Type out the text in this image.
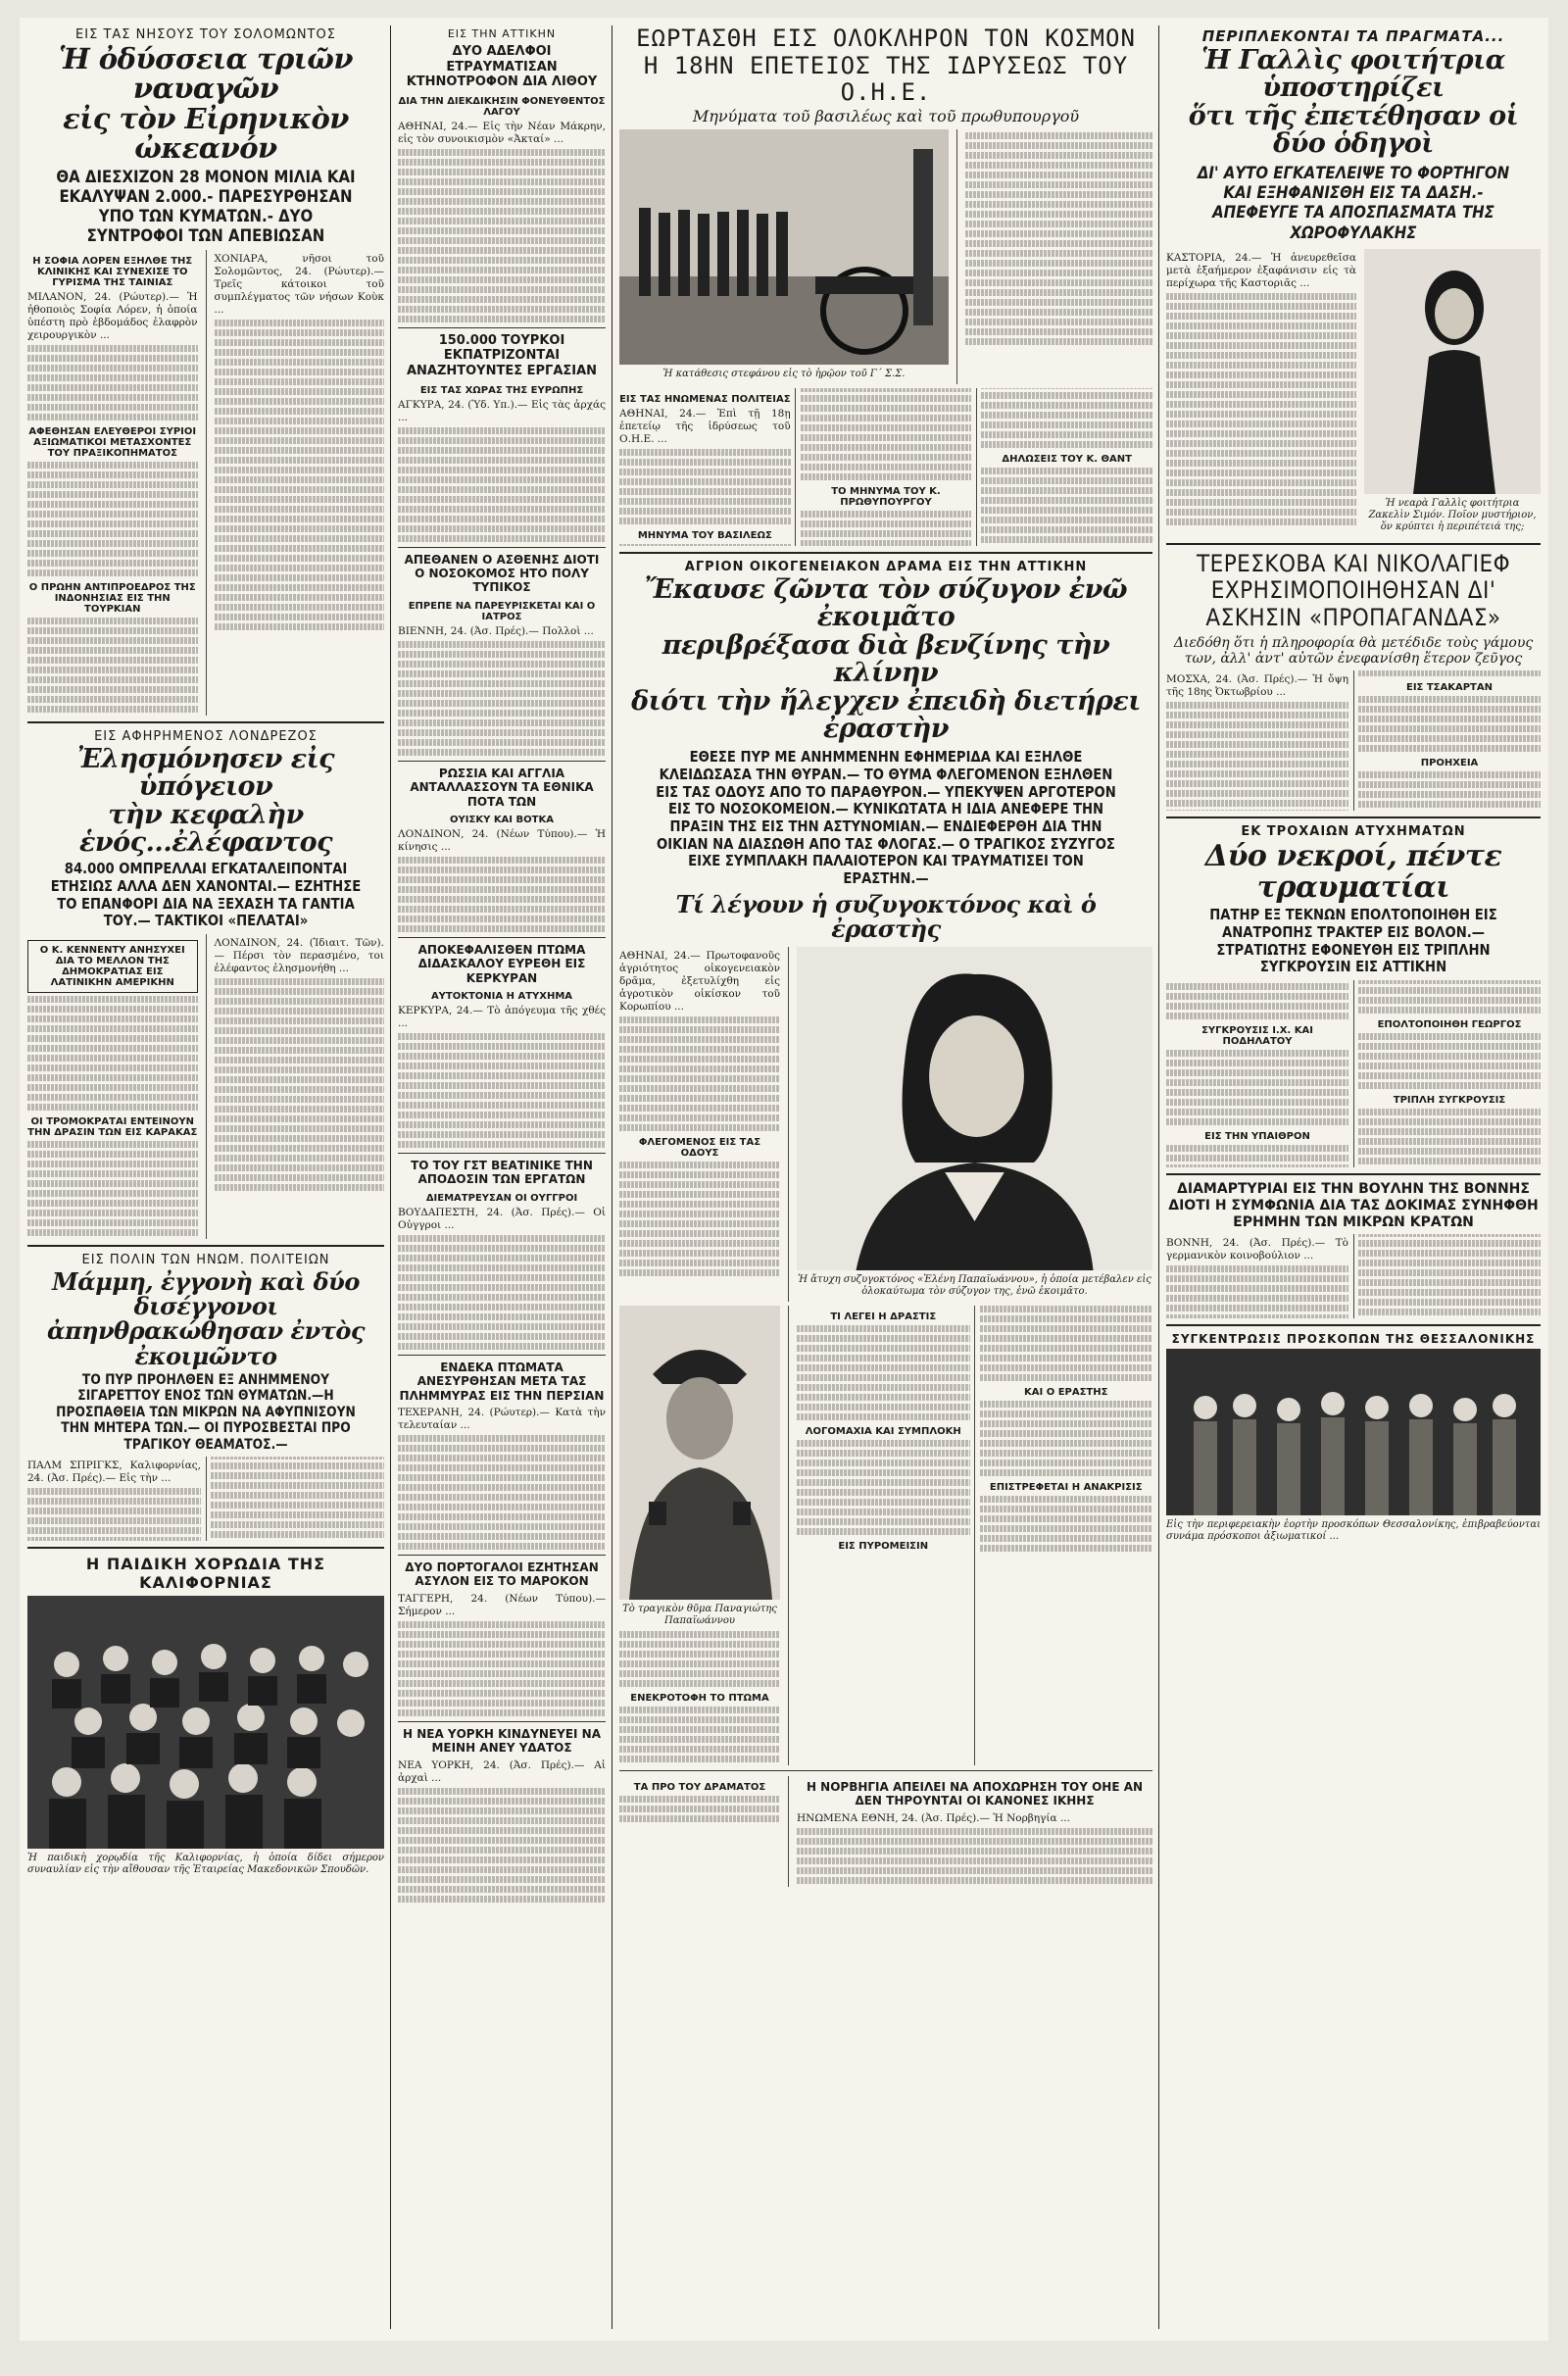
ΕΙΣ ΤΑΣ ΝΗΣΟΥΣ ΤΟΥ ΣΟΛΟΜΩΝΤΟΣ
Ἡ ὀδύσσεια τριῶν ναυαγῶν
εἰς τὸν Εἰρηνικὸν ὠκεανόν
ΘΑ ΔΙΕΣΧΙΖΟΝ 28 ΜΟΝΟΝ ΜΙΛΙΑ ΚΑΙ ΕΚΑΛΥΨΑΝ 2.000.- ΠΑΡΕΣΥΡΘΗΣΑΝ ΥΠΟ ΤΩΝ ΚΥΜΑΤΩΝ.- ΔΥΟ ΣΥΝΤΡΟΦΟΙ ΤΩΝ ΑΠΕΒΙΩΣΑΝ
Η ΣΟΦΙΑ ΛΟΡΕΝ ΕΞΗΛΘΕ ΤΗΣ ΚΛΙΝΙΚΗΣ ΚΑΙ ΣΥΝΕΧΙΣΕ ΤΟ ΓΥΡΙΣΜΑ ΤΗΣ ΤΑΙΝΙΑΣ
ΜΙΛΑΝΟΝ, 24. (Ρώυτερ).— Ἡ ἠθοποιὸς Σοφία Λόρεν, ἡ ὁποία ὑπέστη πρὸ ἑβδομάδος ἐλαφρὸν χειρουργικὸν ...
ΑΦΕΘΗΣΑΝ ΕΛΕΥΘΕΡΟΙ ΣΥΡΙΟΙ ΑΞΙΩΜΑΤΙΚΟΙ ΜΕΤΑΣΧΟΝΤΕΣ ΤΟΥ ΠΡΑΞΙΚΟΠΗΜΑΤΟΣ
Ο ΠΡΩΗΝ ΑΝΤΙΠΡΟΕΔΡΟΣ ΤΗΣ ΙΝΔΟΝΗΣΙΑΣ ΕΙΣ ΤΗΝ ΤΟΥΡΚΙΑΝ
ΧΟΝΙΑΡΑ, νῆσοι τοῦ Σολομῶντος, 24. (Ρώυτερ).— Τρεῖς κάτοικοι τοῦ συμπλέγματος τῶν νήσων Κοὺκ ...
ΕΙΣ ΑΦΗΡΗΜΕΝΟΣ ΛΟΝΔΡΕΖΟΣ
Ἐλησμόνησεν εἰς ὑπόγειον
τὴν κεφαλὴν ἑνός...ἐλέφαντος
84.000 ΟΜΠΡΕΛΛΑΙ ΕΓΚΑΤΑΛΕΙΠΟΝΤΑΙ ΕΤΗΣΙΩΣ ΑΛΛΑ ΔΕΝ ΧΑΝΟΝΤΑΙ.— ΕΖΗΤΗΣΕ ΤΟ ΕΠΑΝΦΟΡΙ ΔΙΑ ΝΑ ΞΕΧΑΣΗ ΤΑ ΓΑΝΤΙΑ ΤΟΥ.— ΤΑΚΤΙΚΟΙ «ΠΕΛΑΤΑΙ»
Ο Κ. ΚΕΝΝΕΝΤΥ ΑΝΗΣΥΧΕΙ ΔΙΑ ΤΟ ΜΕΛΛΟΝ ΤΗΣ ΔΗΜΟΚΡΑΤΙΑΣ ΕΙΣ ΛΑΤΙΝΙΚΗΝ ΑΜΕΡΙΚΗΝ
ΟΙ ΤΡΟΜΟΚΡΑΤΑΙ ΕΝΤΕΙΝΟΥΝ ΤΗΝ ΔΡΑΣΙΝ ΤΩΝ ΕΙΣ ΚΑΡΑΚΑΣ
ΛΟΝΔΙΝΟΝ, 24. (Ἰδιαιτ. Τῶν). — Πέρσι τὸν περασμένο, τοι ἐλέφαντος ἐλησμονήθη ...
ΕΙΣ ΠΟΛΙΝ ΤΩΝ ΗΝΩΜ. ΠΟΛΙΤΕΙΩΝ
Μάμμη, ἐγγονὴ καὶ δύο δισέγγονοι
ἀπηνθρακώθησαν ἐντὸς ἐκοιμῶντο
ΤΟ ΠΥΡ ΠΡΟΗΛΘΕΝ ΕΞ ΑΝΗΜΜΕΝΟΥ ΣΙΓΑΡΕΤΤΟΥ ΕΝΟΣ ΤΩΝ ΘΥΜΑΤΩΝ.—Η ΠΡΟΣΠΑΘΕΙΑ ΤΩΝ ΜΙΚΡΩΝ ΝΑ ΑΦΥΠΝΙΣΟΥΝ ΤΗΝ ΜΗΤΕΡΑ ΤΩΝ.— ΟΙ ΠΥΡΟΣΒΕΣΤΑΙ ΠΡΟ ΤΡΑΓΙΚΟΥ ΘΕΑΜΑΤΟΣ.—
ΠΑΛΜ ΣΠΡΙΓΚΣ, Καλιφορνίας, 24. (Ἀσ. Πρές).— Εἰς τὴν ...
Η ΠΑΙΔΙΚΗ ΧΟΡΩΔΙΑ ΤΗΣ ΚΑΛΙΦΟΡΝΙΑΣ
Ἡ παιδικὴ χορῳδία τῆς Καλιφορνίας, ἡ ὁποία δίδει σήμερον συναυλίαν εἰς τὴν αἴθουσαν τῆς Ἑταιρείας Μακεδονικῶν Σπουδῶν.
ΕΙΣ ΤΗΝ ΑΤΤΙΚΗΝ
ΔΥΟ ΑΔΕΛΦΟΙ ΕΤΡΑΥΜΑΤΙΣΑΝ ΚΤΗΝΟΤΡΟΦΟΝ ΔΙΑ ΛΙΘΟΥ
ΔΙΑ ΤΗΝ ΔΙΕΚΔΙΚΗΣΙΝ ΦΟΝΕΥΘΕΝΤΟΣ ΛΑΓΟΥ
ΑΘΗΝΑΙ, 24.— Εἰς τὴν Νέαν Μάκρην, εἰς τὸν συνοικισμὸν «Ἀκταί» ...
150.000 ΤΟΥΡΚΟΙ ΕΚΠΑΤΡΙΖΟΝΤΑΙ ΑΝΑΖΗΤΟΥΝΤΕΣ ΕΡΓΑΣΙΑΝ
ΕΙΣ ΤΑΣ ΧΩΡΑΣ ΤΗΣ ΕΥΡΩΠΗΣ
ΑΓΚΥΡΑ, 24. (Ὑδ. Υπ.).— Εἰς τὰς ἀρχάς ...
ΑΠΕΘΑΝΕΝ Ο ΑΣΘΕΝΗΣ ΔΙΟΤΙ Ο ΝΟΣΟΚΟΜΟΣ ΗΤΟ ΠΟΛΥ ΤΥΠΙΚΟΣ
ΕΠΡΕΠΕ ΝΑ ΠΑΡΕΥΡΙΣΚΕΤΑΙ ΚΑΙ Ο ΙΑΤΡΟΣ
ΒΙΕΝΝΗ, 24. (Ἀσ. Πρές).— Πολλοὶ ...
ΡΩΣΣΙΑ ΚΑΙ ΑΓΓΛΙΑ ΑΝΤΑΛΛΑΣΣΟΥΝ ΤΑ ΕΘΝΙΚΑ ΠΟΤΑ ΤΩΝ
ΟΥΙΣΚΥ ΚΑΙ ΒΟΤΚΑ
ΛΟΝΔΙΝΟΝ, 24. (Νέων Τύπου).— Ἡ κίνησις ...
ΑΠΟΚΕΦΑΛΙΣΘΕΝ ΠΤΩΜΑ ΔΙΔΑΣΚΑΛΟΥ ΕΥΡΕΘΗ ΕΙΣ ΚΕΡΚΥΡΑΝ
ΑΥΤΟΚΤΟΝΙΑ Η ΑΤΥΧΗΜΑ
ΚΕΡΚΥΡΑ, 24.— Τὸ ἀπόγευμα τῆς χθές ...
ΤΟ ΤΟΥ ΓΣΤ ΒΕΑΤΙΝΙΚΕ ΤΗΝ ΑΠΟΔΟΣΙΝ ΤΩΝ ΕΡΓΑΤΩΝ
ΔΙΕΜΑΤΡΕΥΣΑΝ ΟΙ ΟΥΓΓΡΟΙ
ΒΟΥΔΑΠΕΣΤΗ, 24. (Ἀσ. Πρές).— Οἱ Οὑγγροι ...
ΕΝΔΕΚΑ ΠΤΩΜΑΤΑ ΑΝΕΣΥΡΘΗΣΑΝ ΜΕΤΑ ΤΑΣ ΠΛΗΜΜΥΡΑΣ ΕΙΣ ΤΗΝ ΠΕΡΣΙΑΝ
ΤΕΧΕΡΑΝΗ, 24. (Ρώυτερ).— Κατὰ τὴν τελευταίαν ...
ΔΥΟ ΠΟΡΤΟΓΑΛΟΙ ΕΖΗΤΗΣΑΝ ΑΣΥΛΟΝ ΕΙΣ ΤΟ ΜΑΡΟΚΟΝ
ΤΑΓΓΕΡΗ, 24. (Νέων Τύπου).— Σήμερον ...
Η ΝΕΑ ΥΟΡΚΗ ΚΙΝΔΥΝΕΥΕΙ ΝΑ ΜΕΙΝΗ ΑΝΕΥ ΥΔΑΤΟΣ
ΝΕΑ ΥΟΡΚΗ, 24. (Ἀσ. Πρές).— Αἱ ἀρχαὶ ...
ΕΩΡΤΑΣΘΗ ΕΙΣ ΟΛΟΚΛΗΡΟΝ ΤΟΝ ΚΟΣΜΟΝ
Η 18ΗΝ ΕΠΕΤΕΙΟΣ ΤΗΣ ΙΔΡΥΣΕΩΣ ΤΟΥ Ο.Η.Ε.
Μηνύματα τοῦ βασιλέως καὶ τοῦ πρωθυπουργοῦ
Ἡ κατάθεσις στεφάνου εἰς τὸ ἡρῷον τοῦ Γ΄ Σ.Σ.
ΕΙΣ ΤΑΣ ΗΝΩΜΕΝΑΣ ΠΟΛΙΤΕΙΑΣ
ΑΘΗΝΑΙ, 24.— Ἐπὶ τῇ 18ῃ ἐπετείῳ τῆς ἱδρύσεως τοῦ Ο.Η.Ε. ...
ΜΗΝΥΜΑ ΤΟΥ ΒΑΣΙΛΕΩΣ
ΤΟ ΜΗΝΥΜΑ ΤΟΥ Κ. ΠΡΩΘΥΠΟΥΡΓΟΥ
ΔΗΛΩΣΕΙΣ ΤΟΥ Κ. ΘΑΝΤ
ΑΓΡΙΟΝ ΟΙΚΟΓΕΝΕΙΑΚΟΝ ΔΡΑΜΑ ΕΙΣ ΤΗΝ ΑΤΤΙΚΗΝ
Ἔκαυσε ζῶντα τὸν σύζυγον ἐνῶ ἐκοιμᾶτο
περιβρέξασα διὰ βενζίνης τὴν κλίνην
διότι τὴν ἤλεγχεν ἐπειδὴ διετήρει ἐραστὴν
ΕΘΕΣΕ ΠΥΡ ΜΕ ΑΝΗΜΜΕΝΗΝ ΕΦΗΜΕΡΙΔΑ ΚΑΙ ΕΞΗΛΘΕ ΚΛΕΙΔΩΣΑΣΑ ΤΗΝ ΘΥΡΑΝ.— ΤΟ ΘΥΜΑ ΦΛΕΓΟΜΕΝΟΝ ΕΞΗΛΘΕΝ ΕΙΣ ΤΑΣ ΟΔΟΥΣ ΑΠΟ ΤΟ ΠΑΡΑΘΥΡΟΝ.— ΥΠΕΚΥΨΕΝ ΑΡΓΟΤΕΡΟΝ ΕΙΣ ΤΟ ΝΟΣΟΚΟΜΕΙΟΝ.— ΚΥΝΙΚΩΤΑΤΑ Η ΙΔΙΑ ΑΝΕΦΕΡΕ ΤΗΝ ΠΡΑΞΙΝ ΤΗΣ ΕΙΣ ΤΗΝ ΑΣΤΥΝΟΜΙΑΝ.— ΕΝΔΙΕΦΕΡΘΗ ΔΙΑ ΤΗΝ ΟΙΚΙΑΝ ΝΑ ΔΙΑΣΩΘΗ ΑΠΟ ΤΑΣ ΦΛΟΓΑΣ.— Ο ΤΡΑΓΙΚΟΣ ΣΥΖΥΓΟΣ ΕΙΧΕ ΣΥΜΠΛΑΚΗ ΠΑΛΑΙΟΤΕΡΟΝ ΚΑΙ ΤΡΑΥΜΑΤΙΣΕΙ ΤΟΝ ΕΡΑΣΤΗΝ.—
Τί λέγουν ἡ συζυγοκτόνος καὶ ὁ ἐραστὴς
ΑΘΗΝΑΙ, 24.— Πρωτοφανοῦς ἀγριότητος οἰκογενειακὸν δρᾶμα, ἐξετυλίχθη εἰς ἀγροτικὸν οἰκίσκον τοῦ Κορωπίου ...
ΦΛΕΓΟΜΕΝΟΣ ΕΙΣ ΤΑΣ ΟΔΟΥΣ
Ἡ ἄτυχη συζυγοκτόνος «Ἐλένη Παπαϊωάννου», ἡ ὁποία μετέβαλεν εἰς ὁλοκαύτωμα τὸν σύζυγον της, ἐνῶ ἐκοιμᾶτο.
Τὸ τραγικὸν θῦμα Παναγιώτης Παπαϊωάννου
ΕΝΕΚΡΟΤΟΦΗ ΤΟ ΠΤΩΜΑ
ΤΙ ΛΕΓΕΙ Η ΔΡΑΣΤΙΣ
ΛΟΓΟΜΑΧΙΑ ΚΑΙ ΣΥΜΠΛΟΚΗ
ΕΙΣ ΠΥΡΟΜΕΙΣΙΝ
ΚΑΙ Ο ΕΡΑΣΤΗΣ
ΕΠΙΣΤΡΕΦΕΤΑΙ Η ΑΝΑΚΡΙΣΙΣ
ΤΑ ΠΡΟ ΤΟΥ ΔΡΑΜΑΤΟΣ	Η ΝΟΡΒΗΓΙΑ ΑΠΕΙΛΕΙ ΝΑ ΑΠΟΧΩΡΗΣΗ ΤΟΥ ΟΗΕ ΑΝ ΔΕΝ ΤΗΡΟΥΝΤΑΙ ΟΙ ΚΑΝΟΝΕΣ ΙΚΗΗΣ
ΗΝΩΜΕΝΑ ΕΘΝΗ, 24. (Ἀσ. Πρές).— Ἡ Νορβηγία ...
ΠΕΡΙΠΛΕΚΟΝΤΑΙ ΤΑ ΠΡΑΓΜΑΤΑ...
Ἡ Γαλλὶς φοιτήτρια ὑποστηρίζει
ὅτι τῆς ἐπετέθησαν οἱ δύο ὁδηγοὶ
ΔΙ' ΑΥΤΟ ΕΓΚΑΤΕΛΕΙΨΕ ΤΟ ΦΟΡΤΗΓΟΝ ΚΑΙ ΕΞΗΦΑΝΙΣΘΗ ΕΙΣ ΤΑ ΔΑΣΗ.- ΑΠΕΦΕΥΓΕ ΤΑ ΑΠΟΣΠΑΣΜΑΤΑ ΤΗΣ ΧΩΡΟΦΥΛΑΚΗΣ
ΚΑΣΤΟΡΙΑ, 24.— Ἡ ἀνευρεθεῖσα μετὰ ἑξαήμερον ἐξαφάνισιν εἰς τὰ περίχωρα τῆς Καστοριᾶς ...
Ἡ νεαρὰ Γαλλὶς φοιτήτρια Ζακελὶν Σιμόν. Ποῖον μυστήριον, ὅν κρύπτει ἡ περιπέτειά της;
ΤΕΡΕΣΚΟΒΑ ΚΑΙ ΝΙΚΟΛΑΓΙΕΦ ΕΧΡΗΣΙΜΟΠΟΙΗΘΗΣΑΝ ΔΙ' ΑΣΚΗΣΙΝ «ΠΡΟΠΑΓΑΝΔΑΣ»
Διεδόθη ὅτι ἡ πληροφορία θὰ μετέδιδε τοὺς γάμους των, ἀλλ' ἀντ' αὐτῶν ἐνεφανίσθη ἕτερον ζεῦγος
ΜΟΣΧΑ, 24. (Ἀσ. Πρές).— Ἡ ὄψη τῆς 18ης Ὀκτωβρίου ...	ΕΙΣ ΤΣΑΚΑΡΤΑΝ
ΠΡΟΗΧΕΙΑ
ΕΚ ΤΡΟΧΑΙΩΝ ΑΤΥΧΗΜΑΤΩΝ
Δύο νεκροί, πέντε τραυματίαι
ΠΑΤΗΡ ΕΞ ΤΕΚΝΩΝ ΕΠΟΛΤΟΠΟΙΗΘΗ ΕΙΣ ΑΝΑΤΡΟΠΗΣ ΤΡΑΚΤΕΡ ΕΙΣ ΒΟΛΟΝ.— ΣΤΡΑΤΙΩΤΗΣ ΕΦΟΝΕΥΘΗ ΕΙΣ ΤΡΙΠΛΗΝ ΣΥΓΚΡΟΥΣΙΝ ΕΙΣ ΑΤΤΙΚΗΝ
ΣΥΓΚΡΟΥΣΙΣ Ι.Χ. ΚΑΙ ΠΟΔΗΛΑΤΟΥ
ΕΙΣ ΤΗΝ ΥΠΑΙΘΡΟΝ
ΕΠΟΛΤΟΠΟΙΗΘΗ ΓΕΩΡΓΟΣ
ΤΡΙΠΛΗ ΣΥΓΚΡΟΥΣΙΣ
ΔΙΑΜΑΡΤΥΡΙΑΙ ΕΙΣ ΤΗΝ ΒΟΥΛΗΝ ΤΗΣ ΒΟΝΝΗΣ ΔΙΟΤΙ Η ΣΥΜΦΩΝΙΑ ΔΙΑ ΤΑΣ ΔΟΚΙΜΑΣ ΣΥΝΗΦΘΗ ΕΡΗΜΗΝ ΤΩΝ ΜΙΚΡΩΝ ΚΡΑΤΩΝ
ΒΟΝΝΗ, 24. (Ἀσ. Πρές).— Τὸ γερμανικὸν κοινοβούλιον ...
ΣΥΓΚΕΝΤΡΩΣΙΣ ΠΡΟΣΚΟΠΩΝ ΤΗΣ ΘΕΣΣΑΛΟΝΙΚΗΣ
Εἰς τὴν περιφερειακὴν ἑορτὴν προσκόπων Θεσσαλονίκης, ἐπιβραβεύονται συνάμα πρόσκοποι ἀξιωματικοί ...
